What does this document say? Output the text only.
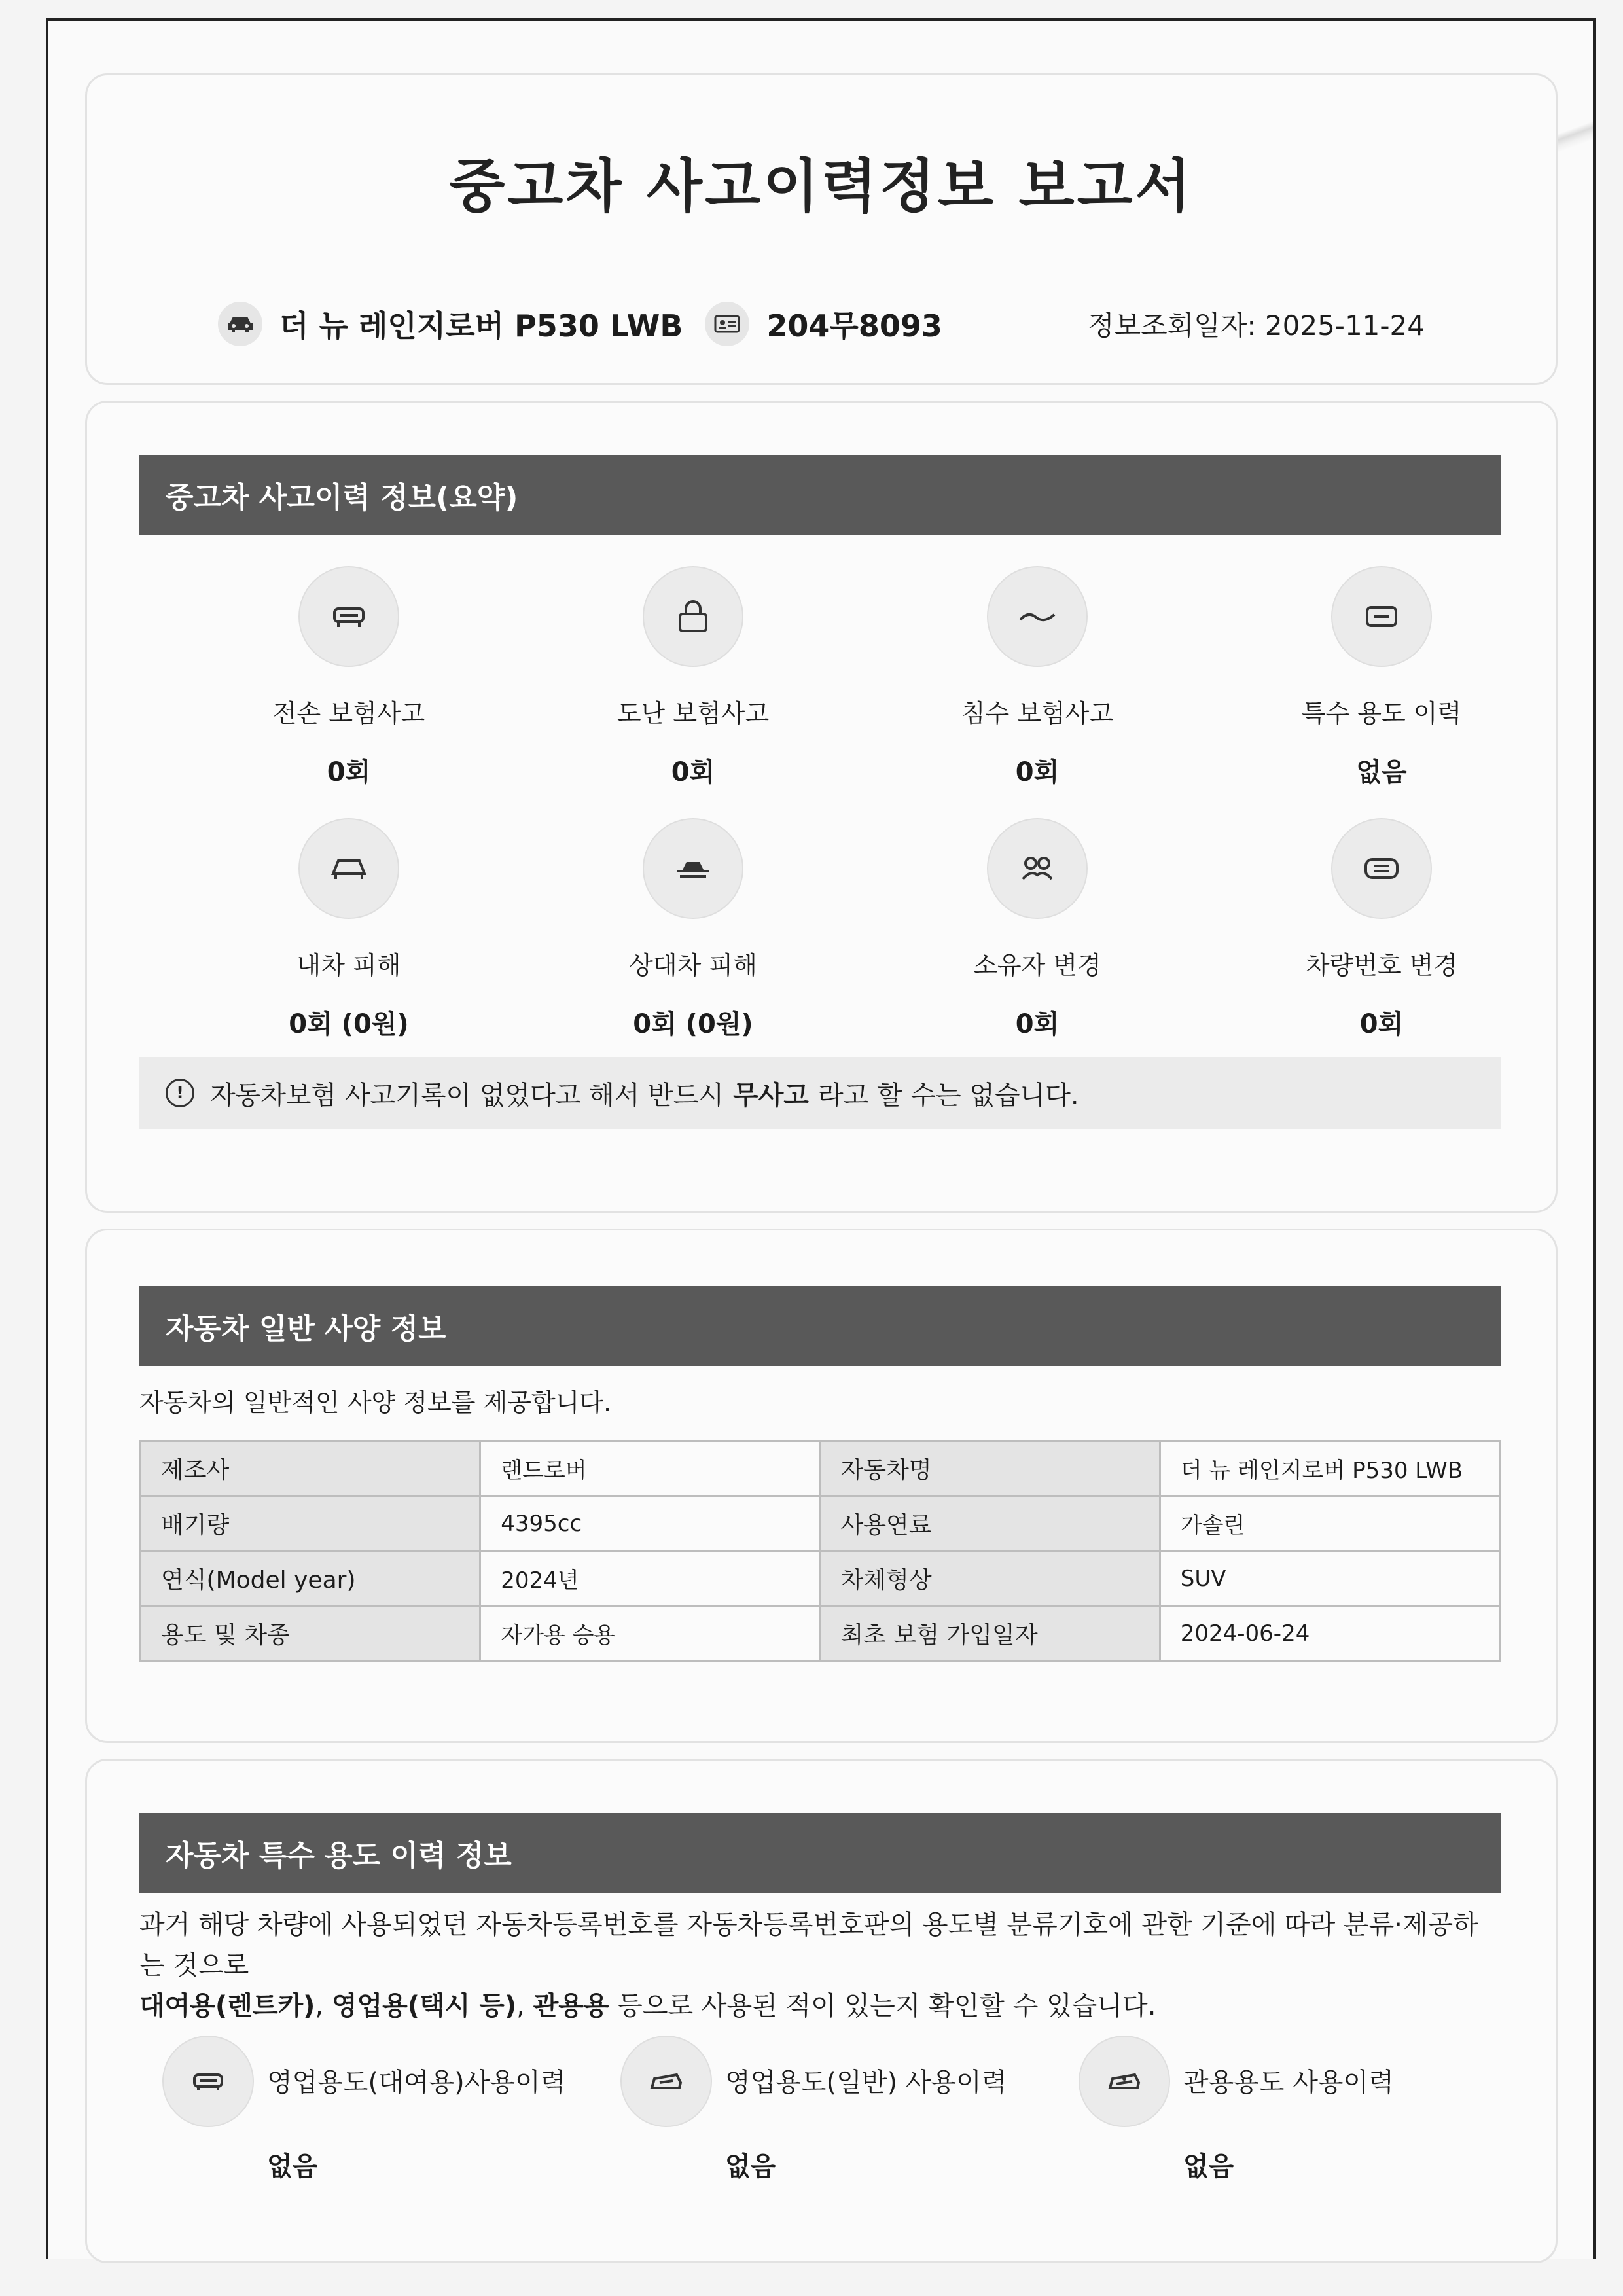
중고차 사고이력정보 보고서
더 뉴 레인지로버 P530 LWB	204무8093	정보조회일자: 2025-11-24
중고차 사고이력 정보(요약)
전손 보험사고
0회
도난 보험사고
0회
침수 보험사고
0회
특수 용도 이력
없음
내차 피해
0회 (0원)
상대차 피해
0회 (0원)
소유자 변경
0회
차량번호 변경
0회
!	자동차보험 사고기록이 없었다고 해서 반드시 무사고 라고 할 수는 없습니다.
자동차 일반 사양 정보
자동차의 일반적인 사양 정보를 제공합니다.
제조사	랜드로버	자동차명	더 뉴 레인지로버 P530 LWB
배기량	4395cc	사용연료	가솔린
연식(Model year)	2024년	차체형상	SUV
용도 및 차종	자가용 승용	최초 보험 가입일자	2024-06-24
자동차 특수 용도 이력 정보
과거 해당 차량에 사용되었던 자동차등록번호를 자동차등록번호판의 용도별 분류기호에 관한 기준에 따라 분류·제공하는 것으로
대여용(렌트카), 영업용(택시 등), 관용용 등으로 사용된 적이 있는지 확인할 수 있습니다.
영업용도(대여용)사용이력
없음
영업용도(일반) 사용이력
없음
관용용도 사용이력
없음
